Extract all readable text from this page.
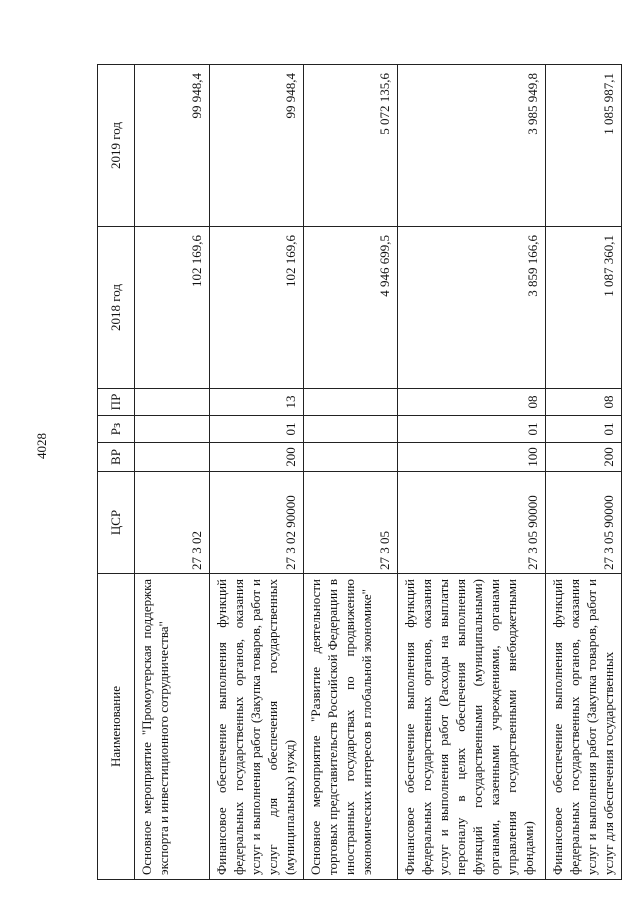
4028
Наименование	ЦСР	ВР	Рз	ПР	2018 год	2019 год
Основное мероприятие "Промоутерская поддержка экспорта и инвестиционного сотрудничества"	27 3 02				102 169,6	99 948,4
Финансовое обеспечение выполнения функций федеральных государственных органов, оказания услуг и выполнения работ (Закупка товаров, работ и услуг для обеспечения государственных (муниципальных) нужд)	27 3 02 90000	200	01	13	102 169,6	99 948,4
Основное мероприятие "Развитие деятельности торговых представительств Российской Федерации в иностранных государствах по продвижению экономических интересов в глобальной экономике"	27 3 05				4 946 699,5	5 072 135,6
Финансовое обеспечение выполнения функций федеральных государственных органов, оказания услуг и выполнения работ (Расходы на выплаты персоналу в целях обеспечения выполнения функций государственными (муниципальными) органами, казенными учреждениями, органами управления государственными внебюджетными фондами)	27 3 05 90000	100	01	08	3 859 166,6	3 985 949,8
Финансовое обеспечение выполнения функций федеральных государственных органов, оказания услуг и выполнения работ (Закупка товаров, работ и услуг для обеспечения государственных	27 3 05 90000	200	01	08	1 087 360,1	1 085 987,1
